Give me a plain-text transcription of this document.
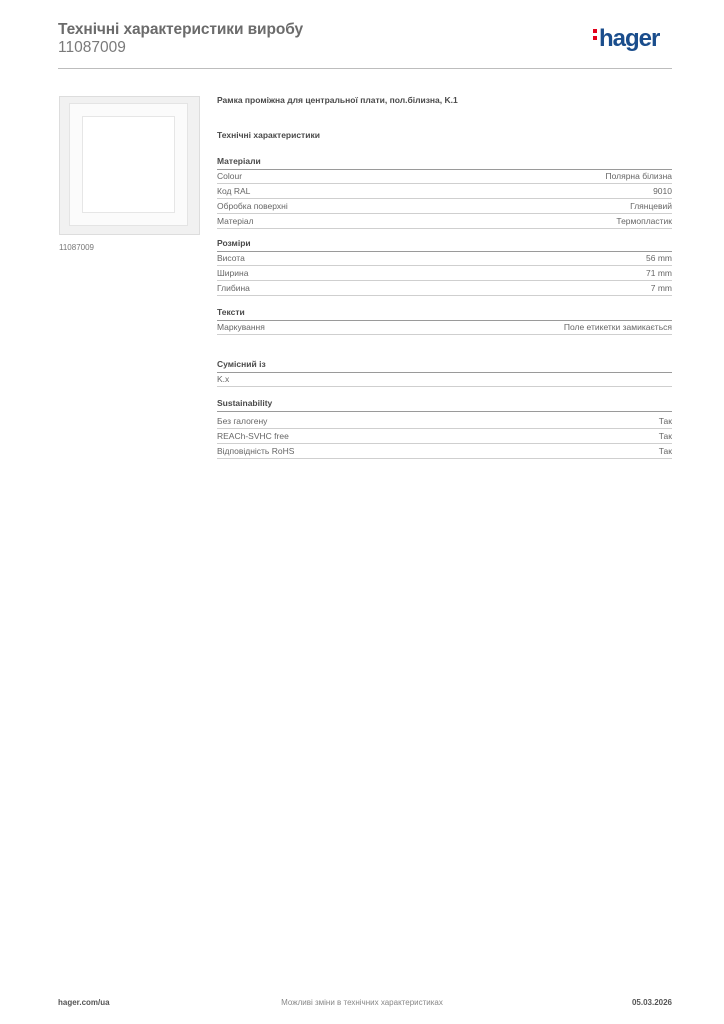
Технічні характеристики виробу
11087009	hager
11087009
Рамка проміжна для центральної плати, пол.білизна, K.1
Технічні характеристики
Матеріали
Colour	Полярна білизна
Код RAL	9010
Обробка поверхні	Глянцевий
Матеріал	Термопластик
Розміри
Висота	56 mm
Ширина	71 mm
Глибина	7 mm
Тексти
Маркування	Поле етикетки замикається
Сумісний із
K.x
Sustainability
Без галогену	Так
REACh-SVHC free	Так
Відповідність RoHS	Так
hager.com/ua	Можливі зміни в технічних характеристиках	05.03.2026
